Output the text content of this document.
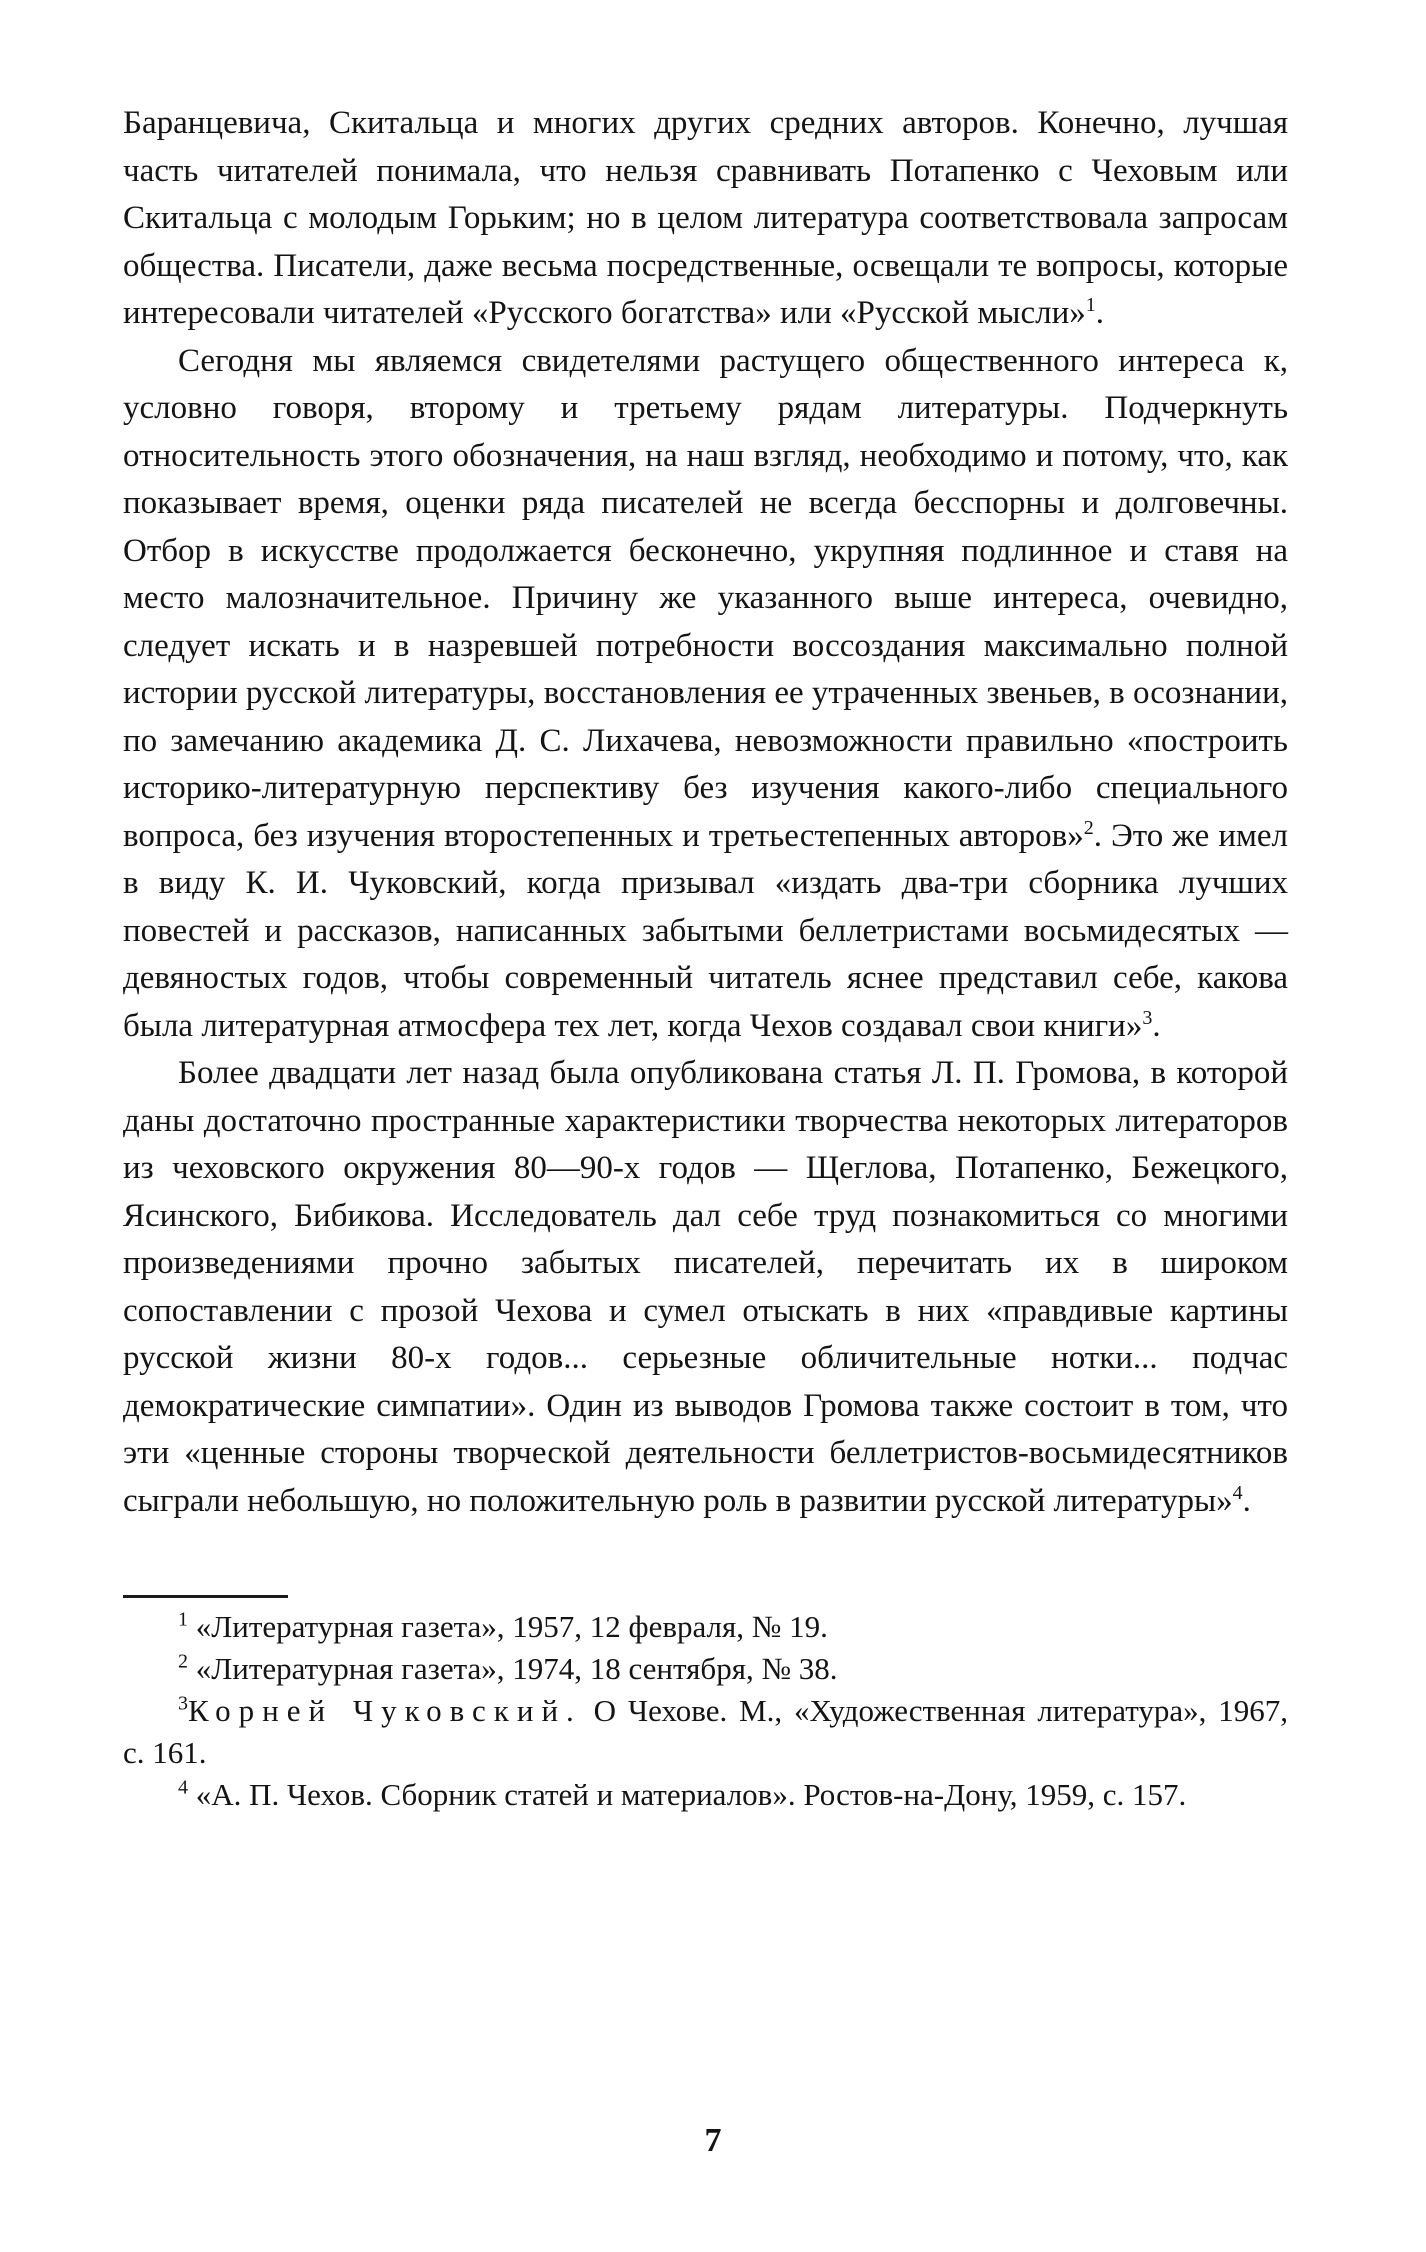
Баранцевича, Скитальца и многих других средних авторов. Конечно, лучшая часть читателей понимала, что нельзя сравнивать Потапенко с Чеховым или Скитальца с молодым Горьким; но в целом литература соответствовала запросам общества. Писатели, даже весьма посредственные, освещали те вопросы, которые интересовали читателей «Русского богатства» или «Русской мысли»$^1$.

Сегодня мы являемся свидетелями растущего общественного интереса к, условно говоря, второму и третьему рядам литературы. Подчеркнуть относительность этого обозначения, на наш взгляд, необходимо и потому, что, как показывает время, оценки ряда писателей не всегда бесспорны и долговечны. Отбор в искусстве продолжается бесконечно, укрупняя подлинное и ставя на место малозначительное. Причину же указанного выше интереса, очевидно, следует искать и в назревшей потребности воссоздания максимально полной истории русской литературы, восстановления ее утраченных звеньев, в осознании, по замечанию академика Д. С. Лихачева, невозможности правильно «построить историко-литературную перспективу без изучения какого-либо специального вопроса, без изучения второстепенных и третьестепенных авторов»$^2$. Это же имел в виду К. И. Чуковский, когда призывал «издать два-три сборника лучших повестей и рассказов, написанных забытыми беллетристами восьмидесятых — девяностых годов, чтобы современный читатель яснее представил себе, какова была литературная атмосфера тех лет, когда Чехов создавал свои книги»$^3$.

Более двадцати лет назад была опубликована статья Л. П. Громова, в которой даны достаточно пространные характеристики творчества некоторых литераторов из чеховского окружения 80—90-х годов — Щеглова, Потапенко, Бежецкого, Ясинского, Бибикова. Исследователь дал себе труд познакомиться со многими произведениями прочно забытых писателей, перечитать их в широком сопоставлении с прозой Чехова и сумел отыскать в них «правдивые картины русской жизни 80-х годов... серьезные обличительные нотки... подчас демократические симпатии». Один из выводов Громова также состоит в том, что эти «ценные стороны творческой деятельности беллетристов-восьмидесятников сыграли небольшую, но положительную роль в развитии русской литературы»$^4$.

$^1$ «Литературная газета», 1957, 12 февраля, № 19.

$^2$ «Литературная газета», 1974, 18 сентября, № 38.

$^3$Корней Чуковский. О Чехове. М., «Художественная литература», 1967, с. 161.

$^4$ «А. П. Чехов. Сборник статей и материалов». Ростов-на-Дону, 1959, с. 157.

7
